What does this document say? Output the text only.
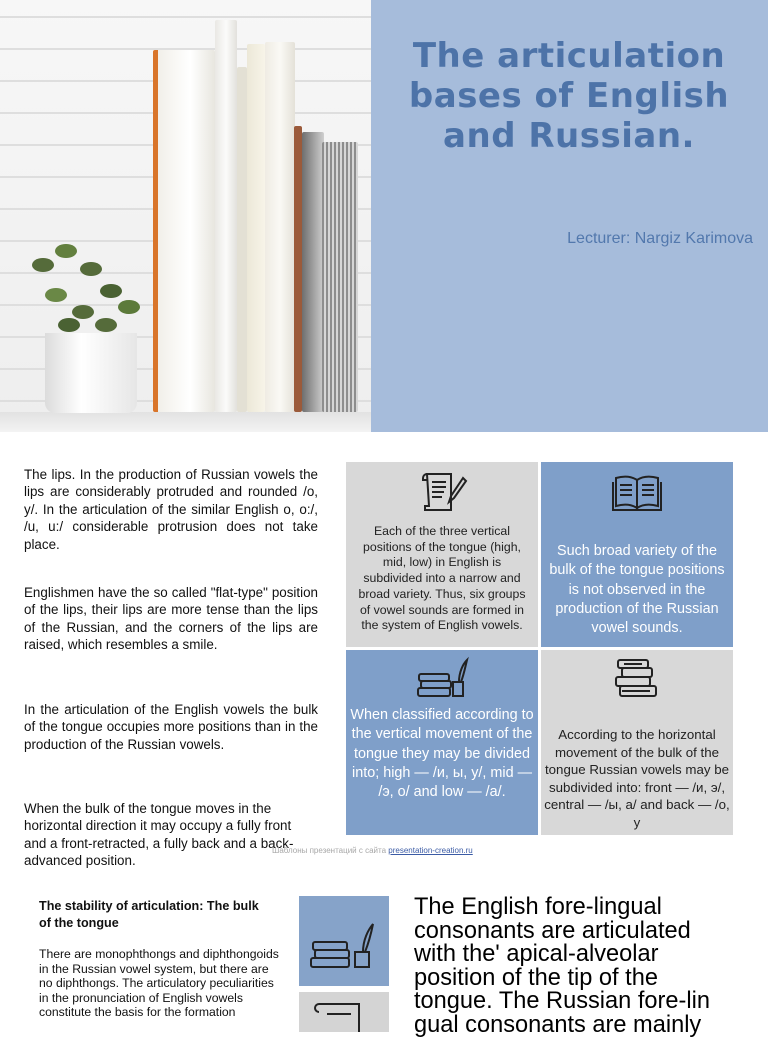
The articulation bases of English and Russian.
Lecturer: Nargiz Karimova

The lips. In the production of Russian vowels the lips are considerably protruded and rounded /o, у/. In the articulation of the similar English o, o:/, /u, u:/ considerable protrusion does not take place.

Englishmen have the so called "flat-type" position of the lips, their lips are more tense than the lips of the Russian, and the corners of the lips are raised, which resembles a smile.

In the articulation of the English vowels the bulk of the tongue occupies more positions than in the production of the Russian vowels.

When the bulk of the tongue moves in the horizontal direction it may occupy a fully front and a front-retracted, a fully back and a back-advanced position.

Each of the three vertical positions of the tongue (high, mid, low) in English is subdivided into a narrow and broad variety. Thus, six groups of vowel sounds are formed in the system of English vowels.
Such broad variety of the bulk of the tongue positions is not observed in the production of the Russian vowel sounds.
When classified according to the vertical movement of the tongue they may be divided into; high — /и, ы, у/, mid — /э, о/ and low — /а/.
According to the horizontal movement of the bulk of the tongue Russian vowels may be subdivided into: front — /и, э/, central — /ы, а/ and back — /о, у
Шаблоны презентаций с сайта presentation-creation.ru
The stability of articulation: The bulk of the tongue
There are monophthongs and diphthongoids in the Russian vowel system, but there are no diphthongs. The articulatory peculiarities in the pronunciation of English vowels constitute the basis for the formation
The English fore-lingual consonants are articulated with the' apical-alveolar position of the tip of the tongue. The Russian fore-lin gual consonants are mainly
